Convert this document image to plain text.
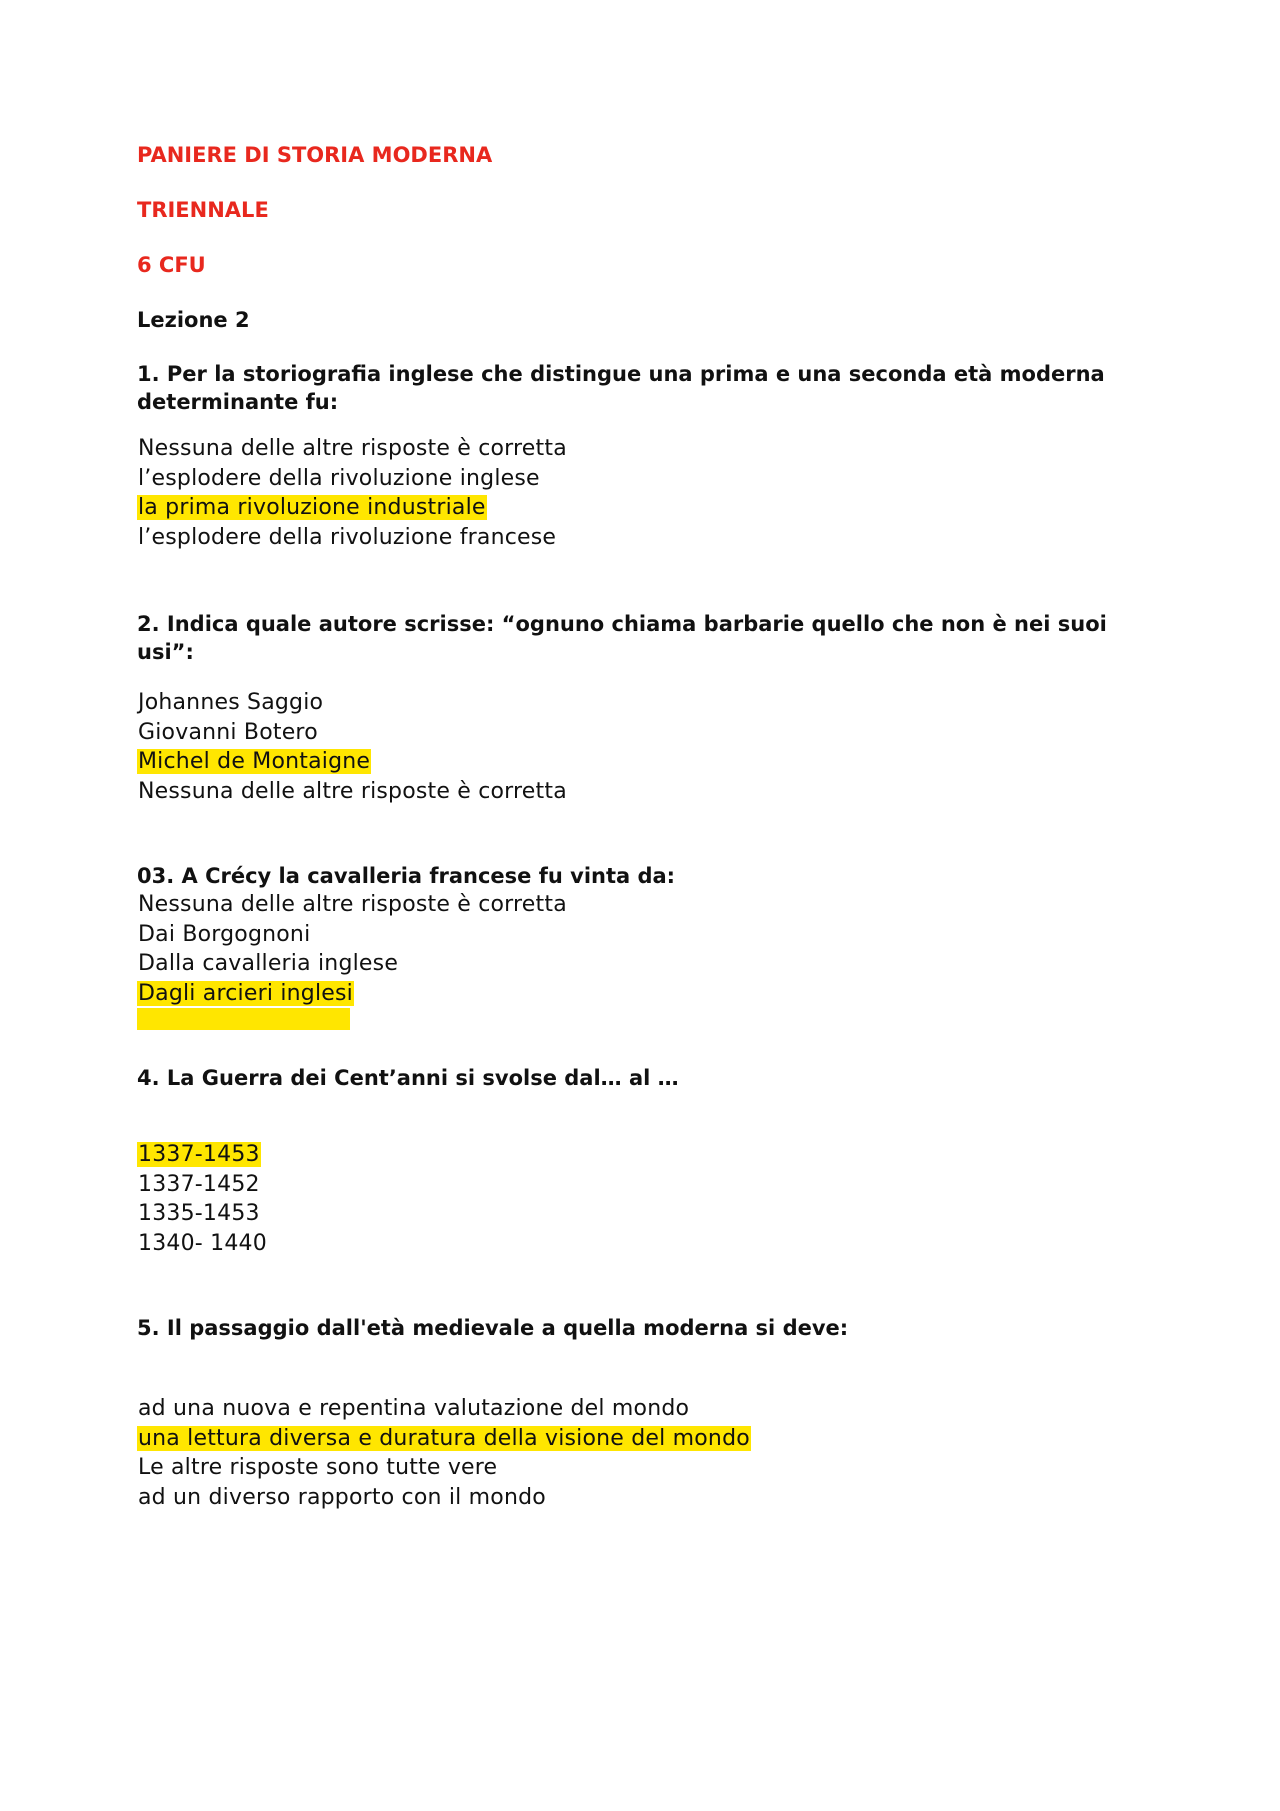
PANIERE DI STORIA MODERNA
TRIENNALE
6 CFU
Lezione 2

1. Per la storiografia inglese che distingue una prima e una seconda età moderna determinante fu:

Nessuna delle altre risposte è corretta
l’esplodere della rivoluzione inglese
la prima rivoluzione industriale
l’esplodere della rivoluzione francese

2. Indica quale autore scrisse: “ognuno chiama barbarie quello che non è nei suoi usi”:

Johannes Saggio
Giovanni Botero
Michel de Montaigne
Nessuna delle altre risposte è corretta

03. A Crécy la cavalleria francese fu vinta da:

Nessuna delle altre risposte è corretta
Dai Borgognoni
Dalla cavalleria inglese
Dagli arcieri inglesi

4. La Guerra dei Cent’anni si svolse dal… al …

1337-1453
1337-1452
1335-1453
1340- 1440

5. Il passaggio dall'età medievale a quella moderna si deve:

ad una nuova e repentina valutazione del mondo
una lettura diversa e duratura della visione del mondo
Le altre risposte sono tutte vere
ad un diverso rapporto con il mondo
